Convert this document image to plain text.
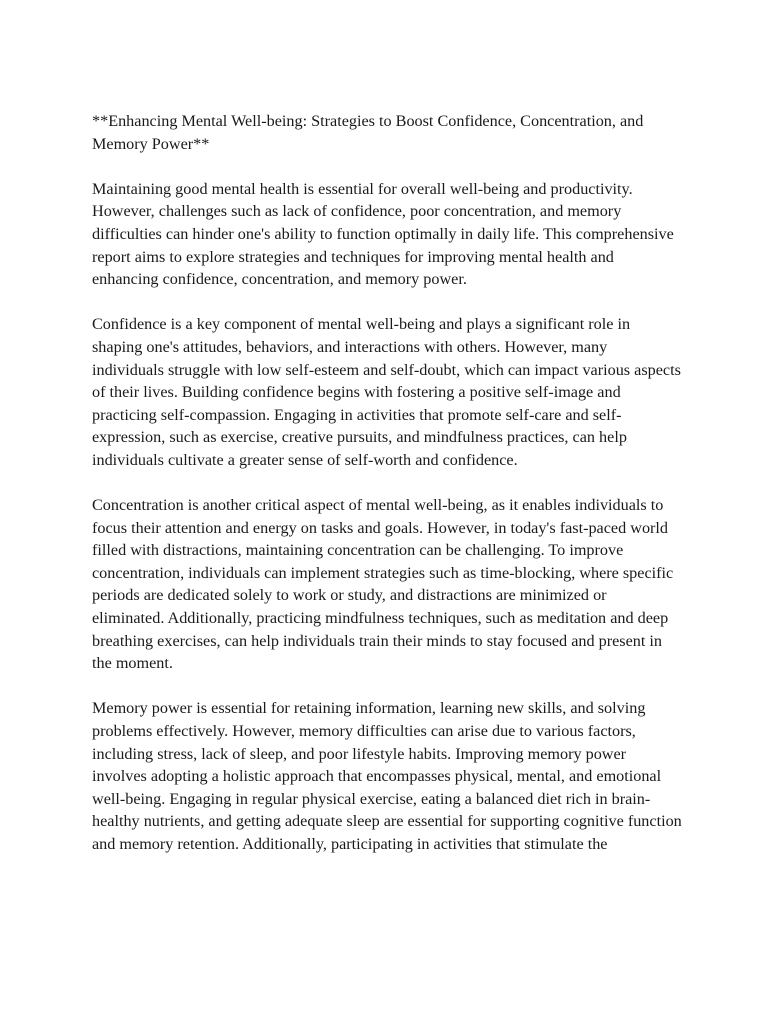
**Enhancing Mental Well-being: Strategies to Boost Confidence, Concentration, and Memory Power**

Maintaining good mental health is essential for overall well-being and productivity. However, challenges such as lack of confidence, poor concentration, and memory difficulties can hinder one's ability to function optimally in daily life. This comprehensive report aims to explore strategies and techniques for improving mental health and enhancing confidence, concentration, and memory power.

Confidence is a key component of mental well-being and plays a significant role in shaping one's attitudes, behaviors, and interactions with others. However, many individuals struggle with low self-esteem and self-doubt, which can impact various aspects of their lives. Building confidence begins with fostering a positive self-image and practicing self-compassion. Engaging in activities that promote self-care and self-expression, such as exercise, creative pursuits, and mindfulness practices, can help individuals cultivate a greater sense of self-worth and confidence.

Concentration is another critical aspect of mental well-being, as it enables individuals to focus their attention and energy on tasks and goals. However, in today's fast-paced world filled with distractions, maintaining concentration can be challenging. To improve concentration, individuals can implement strategies such as time-blocking, where specific periods are dedicated solely to work or study, and distractions are minimized or eliminated. Additionally, practicing mindfulness techniques, such as meditation and deep breathing exercises, can help individuals train their minds to stay focused and present in the moment.

Memory power is essential for retaining information, learning new skills, and solving problems effectively. However, memory difficulties can arise due to various factors, including stress, lack of sleep, and poor lifestyle habits. Improving memory power involves adopting a holistic approach that encompasses physical, mental, and emotional well-being. Engaging in regular physical exercise, eating a balanced diet rich in brain-healthy nutrients, and getting adequate sleep are essential for supporting cognitive function and memory retention. Additionally, participating in activities that stimulate the
